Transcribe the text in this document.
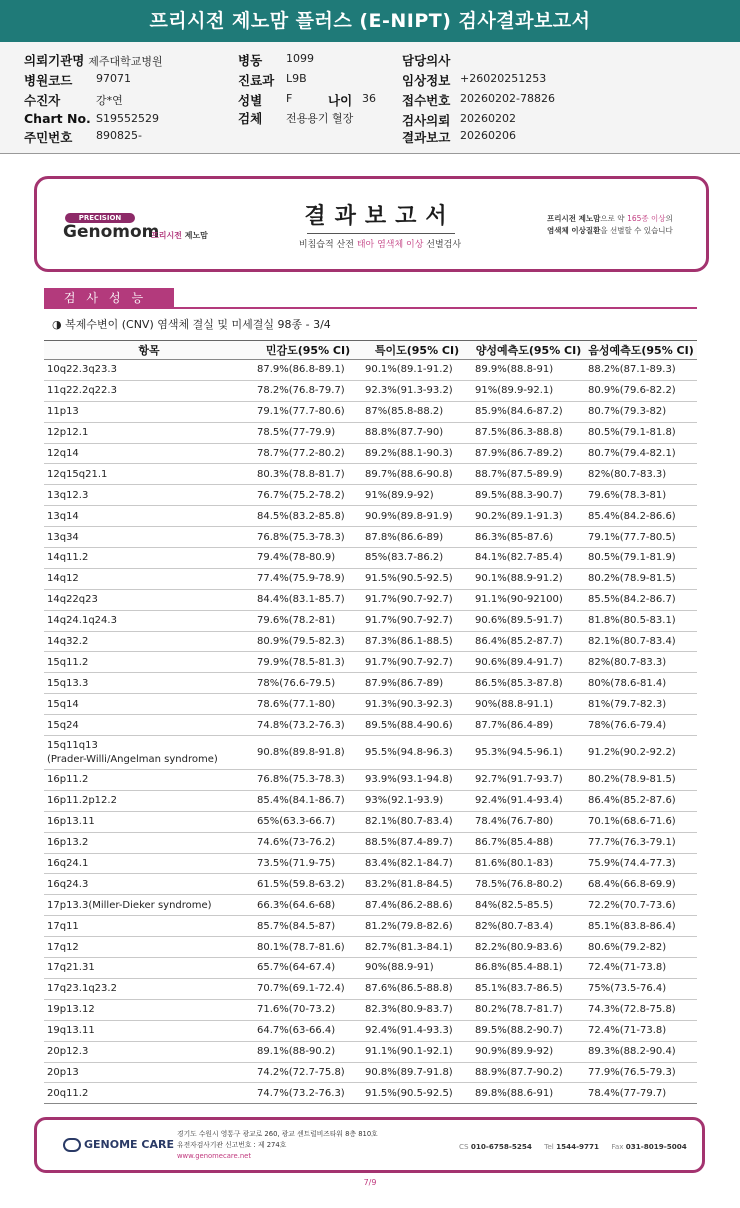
프리시전 제노맘 플러스 (E-NIPT) 검사결과보고서
의뢰기관명 제주대학교병원
병원코드 97071
수진자	강*연
Chart No. S19552529
주민번호 890825-
병동 1099
진료과 L9B
성별 F	나이 36
검체 전용용기 혈장
담당의사
임상정보 +26020251253
접수번호 20260202-78826
검사의뢰 20260202
결과보고 20260206
PRECISION
Genomom
프리시전 제노맘
결과보고서
비침습적 산전 태아 염색체 이상 선별검사
프리시전 제노맘으로 약 165종 이상의
염색체 이상질환을 선별할 수 있습니다
검사성능
◑ 복제수변이 (CNV) 염색체 결실 및 미세결실 98종 - 3/4
항목	민감도(95% CI)	특이도(95% CI)	양성예측도(95% CI)	음성예측도(95% CI)
10q22.3q23.3	87.9%(86.8-89.1)	90.1%(89.1-91.2)	89.9%(88.8-91)	88.2%(87.1-89.3)
11q22.2q22.3	78.2%(76.8-79.7)	92.3%(91.3-93.2)	91%(89.9-92.1)	80.9%(79.6-82.2)
11p13	79.1%(77.7-80.6)	87%(85.8-88.2)	85.9%(84.6-87.2)	80.7%(79.3-82)
12p12.1	78.5%(77-79.9)	88.8%(87.7-90)	87.5%(86.3-88.8)	80.5%(79.1-81.8)
12q14	78.7%(77.2-80.2)	89.2%(88.1-90.3)	87.9%(86.7-89.2)	80.7%(79.4-82.1)
12q15q21.1	80.3%(78.8-81.7)	89.7%(88.6-90.8)	88.7%(87.5-89.9)	82%(80.7-83.3)
13q12.3	76.7%(75.2-78.2)	91%(89.9-92)	89.5%(88.3-90.7)	79.6%(78.3-81)
13q14	84.5%(83.2-85.8)	90.9%(89.8-91.9)	90.2%(89.1-91.3)	85.4%(84.2-86.6)
13q34	76.8%(75.3-78.3)	87.8%(86.6-89)	86.3%(85-87.6)	79.1%(77.7-80.5)
14q11.2	79.4%(78-80.9)	85%(83.7-86.2)	84.1%(82.7-85.4)	80.5%(79.1-81.9)
14q12	77.4%(75.9-78.9)	91.5%(90.5-92.5)	90.1%(88.9-91.2)	80.2%(78.9-81.5)
14q22q23	84.4%(83.1-85.7)	91.7%(90.7-92.7)	91.1%(90-92100)	85.5%(84.2-86.7)
14q24.1q24.3	79.6%(78.2-81)	91.7%(90.7-92.7)	90.6%(89.5-91.7)	81.8%(80.5-83.1)
14q32.2	80.9%(79.5-82.3)	87.3%(86.1-88.5)	86.4%(85.2-87.7)	82.1%(80.7-83.4)
15q11.2	79.9%(78.5-81.3)	91.7%(90.7-92.7)	90.6%(89.4-91.7)	82%(80.7-83.3)
15q13.3	78%(76.6-79.5)	87.9%(86.7-89)	86.5%(85.3-87.8)	80%(78.6-81.4)
15q14	78.6%(77.1-80)	91.3%(90.3-92.3)	90%(88.8-91.1)	81%(79.7-82.3)
15q24	74.8%(73.2-76.3)	89.5%(88.4-90.6)	87.7%(86.4-89)	78%(76.6-79.4)
15q11q13
(Prader-Willi/Angelman syndrome)	90.8%(89.8-91.8)	95.5%(94.8-96.3)	95.3%(94.5-96.1)	91.2%(90.2-92.2)
16p11.2	76.8%(75.3-78.3)	93.9%(93.1-94.8)	92.7%(91.7-93.7)	80.2%(78.9-81.5)
16p11.2p12.2	85.4%(84.1-86.7)	93%(92.1-93.9)	92.4%(91.4-93.4)	86.4%(85.2-87.6)
16p13.11	65%(63.3-66.7)	82.1%(80.7-83.4)	78.4%(76.7-80)	70.1%(68.6-71.6)
16p13.2	74.6%(73-76.2)	88.5%(87.4-89.7)	86.7%(85.4-88)	77.7%(76.3-79.1)
16q24.1	73.5%(71.9-75)	83.4%(82.1-84.7)	81.6%(80.1-83)	75.9%(74.4-77.3)
16q24.3	61.5%(59.8-63.2)	83.2%(81.8-84.5)	78.5%(76.8-80.2)	68.4%(66.8-69.9)
17p13.3(Miller-Dieker syndrome)	66.3%(64.6-68)	87.4%(86.2-88.6)	84%(82.5-85.5)	72.2%(70.7-73.6)
17q11	85.7%(84.5-87)	81.2%(79.8-82.6)	82%(80.7-83.4)	85.1%(83.8-86.4)
17q12	80.1%(78.7-81.6)	82.7%(81.3-84.1)	82.2%(80.9-83.6)	80.6%(79.2-82)
17q21.31	65.7%(64-67.4)	90%(88.9-91)	86.8%(85.4-88.1)	72.4%(71-73.8)
17q23.1q23.2	70.7%(69.1-72.4)	87.6%(86.5-88.8)	85.1%(83.7-86.5)	75%(73.5-76.4)
19p13.12	71.6%(70-73.2)	82.3%(80.9-83.7)	80.2%(78.7-81.7)	74.3%(72.8-75.8)
19q13.11	64.7%(63-66.4)	92.4%(91.4-93.3)	89.5%(88.2-90.7)	72.4%(71-73.8)
20p12.3	89.1%(88-90.2)	91.1%(90.1-92.1)	90.9%(89.9-92)	89.3%(88.2-90.4)
20p13	74.2%(72.7-75.8)	90.8%(89.7-91.8)	88.9%(87.7-90.2)	77.9%(76.5-79.3)
20q11.2	74.7%(73.2-76.3)	91.5%(90.5-92.5)	89.8%(88.6-91)	78.4%(77-79.7)
GENOME CARE
경기도 수원시 영통구 광교로 260, 광교 센트럴비즈타워 8층 810호
유전자검사기관 신고번호 : 제 274호
www.genomecare.net
CS 010-6758-5254 Tel 1544-9771 Fax 031-8019-5004
7/9
